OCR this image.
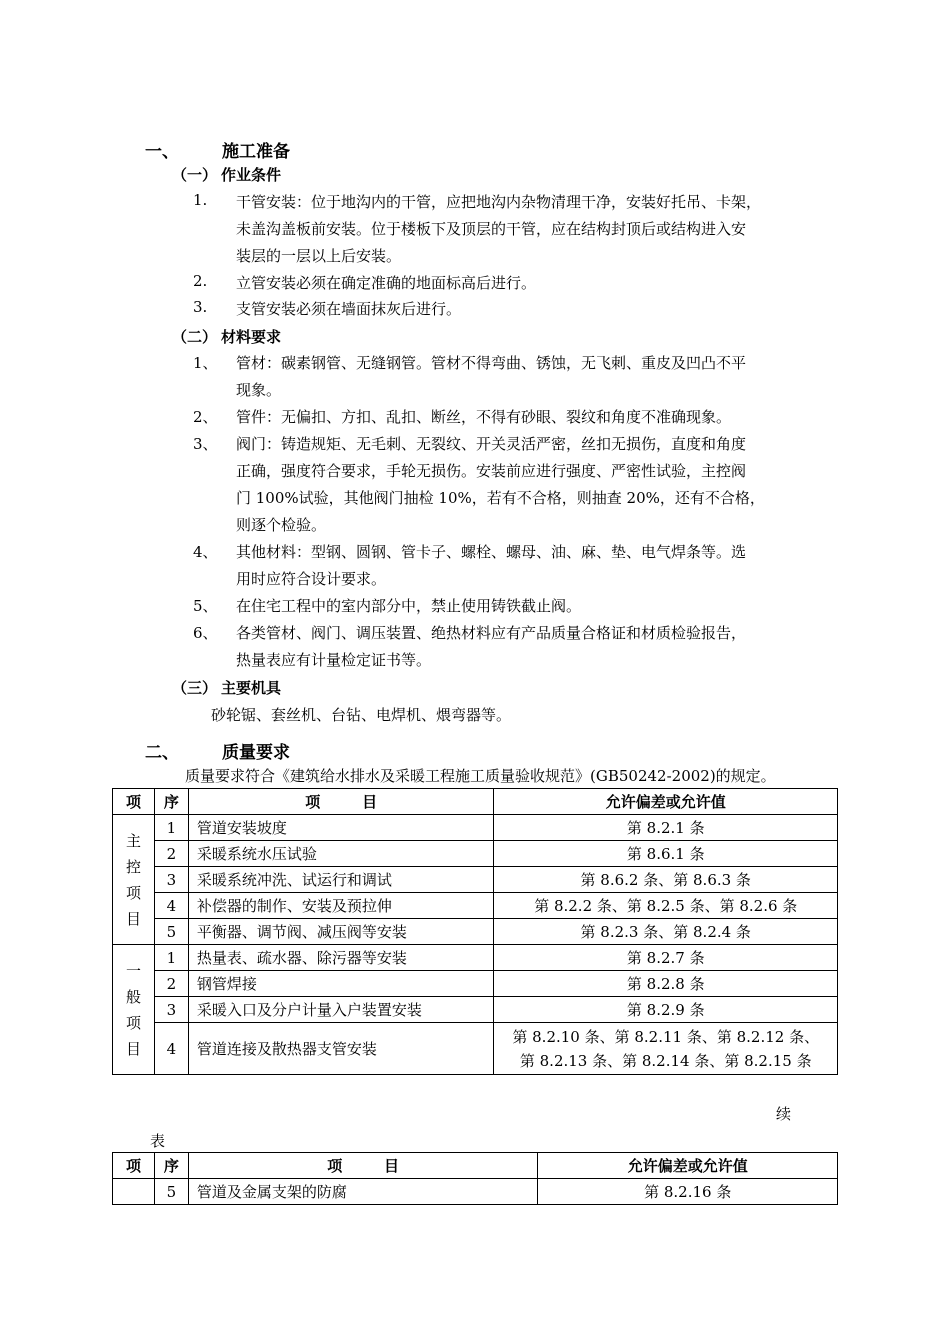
一、	施工准备
（一） 作业条件
1. 干管安装：位于地沟内的干管，应把地沟内杂物清理干净，安装好托吊、卡架，
未盖沟盖板前安装。位于楼板下及顶层的干管，应在结构封顶后或结构进入安
装层的一层以上后安装。
2. 立管安装必须在确定准确的地面标高后进行。
3. 支管安装必须在墙面抹灰后进行。
（二） 材料要求
1、 管材：碳素钢管、无缝钢管。管材不得弯曲、锈蚀，无飞刺、重皮及凹凸不平
现象。
2、 管件：无偏扣、方扣、乱扣、断丝，不得有砂眼、裂纹和角度不准确现象。
3、 阀门：铸造规矩、无毛刺、无裂纹、开关灵活严密，丝扣无损伤，直度和角度
正确，强度符合要求，手轮无损伤。安装前应进行强度、严密性试验，主控阀
门 100%试验，其他阀门抽检 10%，若有不合格，则抽查 20%，还有不合格，
则逐个检验。
4、 其他材料：型钢、圆钢、管卡子、螺栓、螺母、油、麻、垫、电气焊条等。选
用时应符合设计要求。
5、 在住宅工程中的室内部分中，禁止使用铸铁截止阀。
6、 各类管材、阀门、调压装置、绝热材料应有产品质量合格证和材质检验报告，
热量表应有计量检定证书等。
（三） 主要机具
砂轮锯、套丝机、台钻、电焊机、煨弯器等。
二、	质量要求
质量要求符合《建筑给水排水及采暖工程施工质量验收规范》(GB50242-2002)的规定。
项	序	项        目	允许偏差或允许值

主
控
项
目	1	管道安装坡度	第 8.2.1 条
	2	采暖系统水压试验	第 8.6.1 条
	3	采暖系统冲洗、试运行和调试	第 8.6.2 条、第 8.6.3 条
	4	补偿器的制作、安装及预拉伸	第 8.2.2 条、第 8.2.5 条、第 8.2.6 条
	5	平衡器、调节阀、减压阀等安装	第 8.2.3 条、第 8.2.4 条

一
般
项
目	1	热量表、疏水器、除污器等安装	第 8.2.7 条
	2	钢管焊接	第 8.2.8 条
	3	采暖入口及分户计量入户装置安装	第 8.2.9 条
	4	管道连接及散热器支管安装	第 8.2.10 条、第 8.2.11 条、第 8.2.12 条、
第 8.2.13 条、第 8.2.14 条、第 8.2.15 条
续
表
项	序	项        目	允许偏差或允许值
	5	管道及金属支架的防腐	第 8.2.16 条
